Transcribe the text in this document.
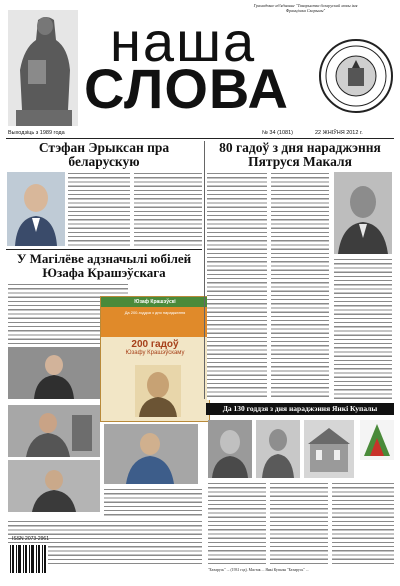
Грамадзкае аб'яднанне "Таварыства беларускай мовы імя Францішка Скарыны"
наша
СЛОВА
Выходзіць з 1989 года	№ 34 (1081)	22 ЖНІЎНЯ 2012 г.
Стэфан Эрыксан пра беларускую
У Магілёве адзначылі юбілей
Юзафа Крашэўскага
Юзаф Крашэўскі
Да 200-годдзя з дня нараджэння
200 гадоў
Юзафу Крашэўскаму
ISSN 2073-2961
80 гадоў з дня нараджэння
Пятруся Макаля
Да 130 годдзя з дня нараджэння Янкі Купалы
"Беларусь" ... (1931 год). Мастак ... Янкі Купалы "Беларусь" ...
